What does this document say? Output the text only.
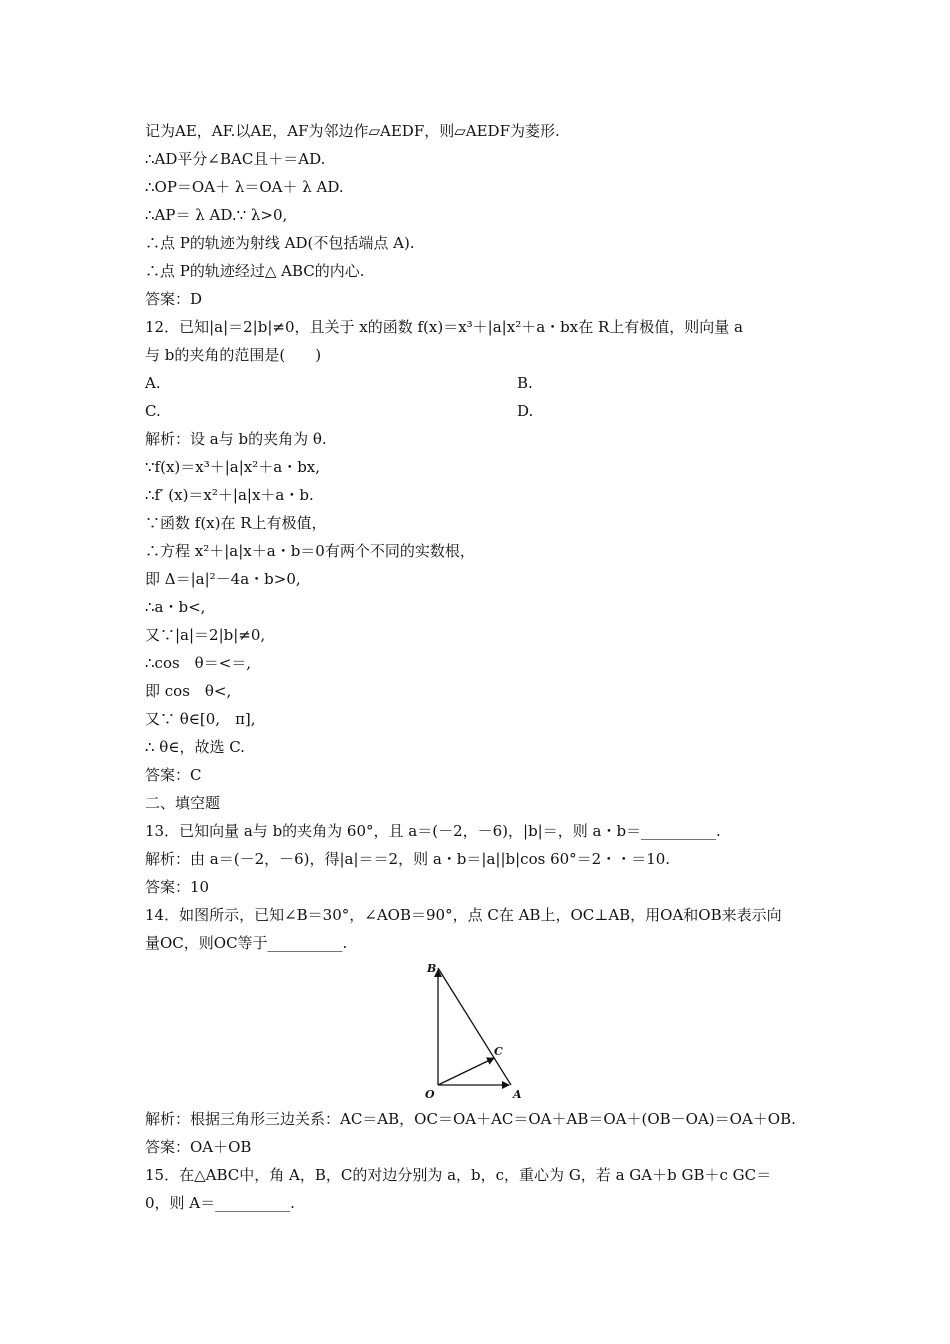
记为AE，AF.以AE，AF为邻边作▱AEDF，则▱AEDF为菱形.
∴AD平分∠BAC且＋＝AD.
∴OP＝OA＋ λ＝OA＋ λ AD.
∴AP＝ λ AD.∵ λ>0,
∴点 P的轨迹为射线 AD(不包括端点 A).
∴点 P的轨迹经过△ ABC的内心.
答案：D
12．已知|a|＝2|b|≠0，且关于 x的函数 f(x)＝x³＋|a|x²＋a・bx在 R上有极值，则向量 a
与 b的夹角的范围是(　　)
A.	B.
C.	D.
解析：设 a与 b的夹角为 θ.
∵f(x)＝x³＋|a|x²＋a・bx,
∴f′ (x)＝x²＋|a|x＋a・b.
∵函数 f(x)在 R上有极值，
∴方程 x²＋|a|x＋a・b＝0有两个不同的实数根，
即 Δ＝|a|²－4a・b>0,
∴a・b<,
又∵|a|＝2|b|≠0,
∴cos　θ＝<＝,
即 cos　θ<,
又∵ θ∈[0,　π],
∴ θ∈，故选 C.
答案：C
二、填空题
13．已知向量 a与 b的夹角为 60°，且 a＝(－2，－6)，|b|＝，则 a・b＝__________.
解析：由 a＝(－2，－6)，得|a|＝＝2，则 a・b＝|a||b|cos 60°＝2・・＝10.
答案：10
14．如图所示，已知∠B＝30°，∠AOB＝90°，点 C在 AB上，OC⊥AB，用OA和OB来表示向
量OC，则OC等于__________.
B
C
O	A
解析：根据三角形三边关系：AC＝AB，OC＝OA＋AC＝OA＋AB＝OA＋(OB－OA)＝OA＋OB.
答案：OA＋OB
15．在△ABC中，角 A，B，C的对边分别为 a，b，c，重心为 G，若 a GA＋b GB＋c GC＝
0，则 A＝__________.
